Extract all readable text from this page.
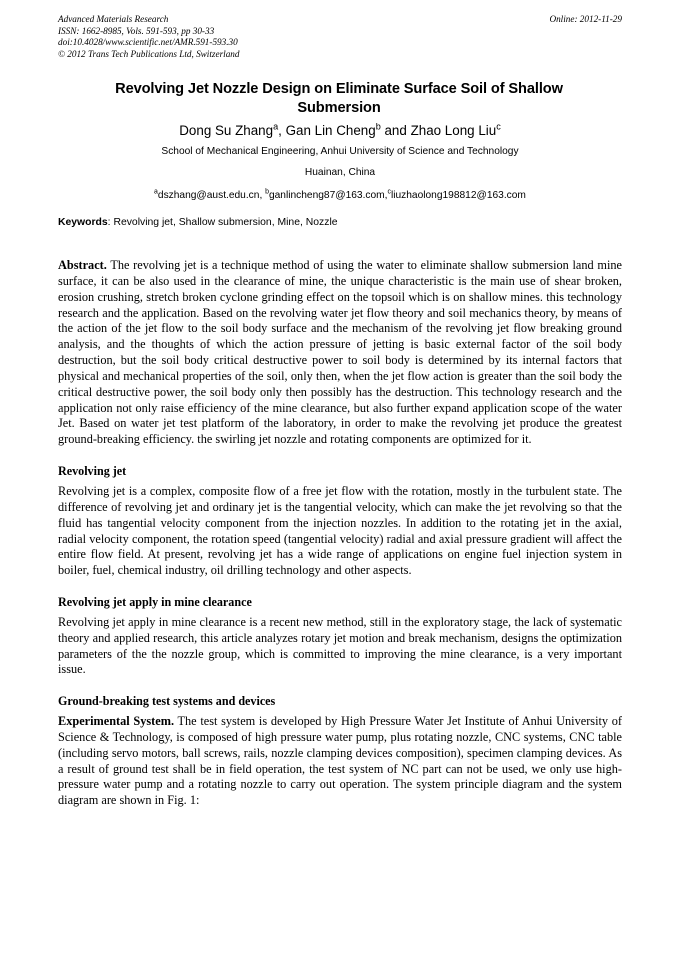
Advanced Materials Research
ISSN: 1662-8985, Vols. 591-593, pp 30-33
doi:10.4028/www.scientific.net/AMR.591-593.30
© 2012 Trans Tech Publications Ltd, Switzerland
Online: 2012-11-29
Revolving Jet Nozzle Design on Eliminate Surface Soil of Shallow Submersion
Dong Su Zhang$^a$, Gan Lin Cheng$^b$ and Zhao Long Liu$^c$
School of Mechanical Engineering, Anhui University of Science and Technology
Huainan, China
$^a$dszhang@aust.edu.cn, $^b$ganlincheng87@163.com,$^c$liuzhaolong198812@163.com
Keywords: Revolving jet, Shallow submersion, Mine, Nozzle

Abstract. The revolving jet is a technique method of using the water to eliminate shallow submersion land mine surface, it can be also used in the clearance of mine, the unique characteristic is the main use of shear broken, erosion crushing, stretch broken cyclone grinding effect on the topsoil which is on shallow mines. this technology research and the application. Based on the revolving water jet flow theory and soil mechanics theory, by means of the action of the jet flow to the soil body surface and the mechanism of the revolving jet flow breaking ground analysis, and the thoughts of which the action pressure of jetting is basic external factor of the soil body destruction, but the soil body critical destructive power to soil body is determined by its internal factors that physical and mechanical properties of the soil, only then, when the jet flow action is greater than the soil body the critical destructive power, the soil body only then possibly has the destruction. This technology research and the application not only raise efficiency of the mine clearance, but also further expand application scope of the water Jet. Based on water jet test platform of the laboratory, in order to make the revolving jet produce the greatest ground-breaking efficiency. the swirling jet nozzle and rotating components are optimized for it.

Revolving jet

Revolving jet is a complex, composite flow of a free jet flow with the rotation, mostly in the turbulent state. The difference of revolving jet and ordinary jet is the tangential velocity, which can make the jet revolving so that the fluid has tangential velocity component from the injection nozzles. In addition to the rotating jet in the axial, radial velocity component, the rotation speed (tangential velocity) radial and axial pressure gradient will affect the entire flow field. At present, revolving jet has a wide range of applications on engine fuel injection system in boiler, fuel, chemical industry, oil drilling technology and other aspects.

Revolving jet apply in mine clearance

Revolving jet apply in mine clearance is a recent new method, still in the exploratory stage, the lack of systematic theory and applied research, this article analyzes rotary jet motion and break mechanism, designs the optimization parameters of the the nozzle group, which is committed to improving the mine clearance, is a very important issue.

Ground-breaking test systems and devices

Experimental System. The test system is developed by High Pressure Water Jet Institute of Anhui University of Science & Technology, is composed of high pressure water pump, plus rotating nozzle, CNC systems, CNC table (including servo motors, ball screws, rails, nozzle clamping devices composition), specimen clamping devices. As a result of ground test shall be in field operation, the test system of NC part can not be used, we only use high-pressure water pump and a rotating nozzle to carry out operation. The system principle diagram and the system diagram are shown in Fig. 1:
